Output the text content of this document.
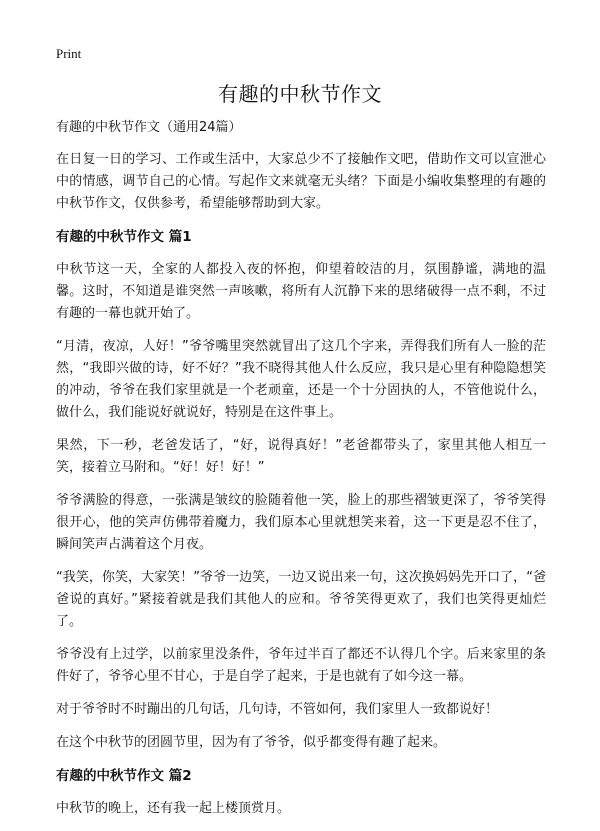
Print
有趣的中秋节作文

有趣的中秋节作文（通用24篇）

在日复一日的学习、工作或生活中，大家总少不了接触作文吧，借助作文可以宣泄心中的情感，调节自己的心情。写起作文来就毫无头绪？下面是小编收集整理的有趣的中秋节作文，仅供参考，希望能够帮助到大家。

有趣的中秋节作文 篇1

中秋节这一天，全家的人都投入夜的怀抱，仰望着皎洁的月，氛围静谧，满地的温馨。这时，不知道是谁突然一声咳嗽，将所有人沉静下来的思绪破得一点不剩，不过有趣的一幕也就开始了。

“月清，夜凉，人好！”爷爷嘴里突然就冒出了这几个字来，弄得我们所有人一脸的茫然，“我即兴做的诗，好不好？”我不晓得其他人什么反应，我只是心里有种隐隐想笑的冲动，爷爷在我们家里就是一个老顽童，还是一个十分固执的人，不管他说什么，做什么，我们能说好就说好，特别是在这件事上。

果然，下一秒，老爸发话了，“好，说得真好！”老爸都带头了，家里其他人相互一笑，接着立马附和。“好！好！好！”

爷爷满脸的得意，一张满是皱纹的脸随着他一笑，脸上的那些褶皱更深了，爷爷笑得很开心，他的笑声仿佛带着魔力，我们原本心里就想笑来着，这一下更是忍不住了，瞬间笑声占满着这个月夜。

“我笑，你笑，大家笑！”爷爷一边笑，一边又说出来一句，这次换妈妈先开口了，“爸爸说的真好。”紧接着就是我们其他人的应和。爷爷笑得更欢了，我们也笑得更灿烂了。

爷爷没有上过学，以前家里没条件，爷年过半百了都还不认得几个字。后来家里的条件好了，爷爷心里不甘心，于是自学了起来，于是也就有了如今这一幕。

对于爷爷时不时蹦出的几句话，几句诗，不管如何，我们家里人一致都说好！

在这个中秋节的团圆节里，因为有了爷爷，似乎都变得有趣了起来。

有趣的中秋节作文 篇2

中秋节的晚上，还有我一起上楼顶赏月。
